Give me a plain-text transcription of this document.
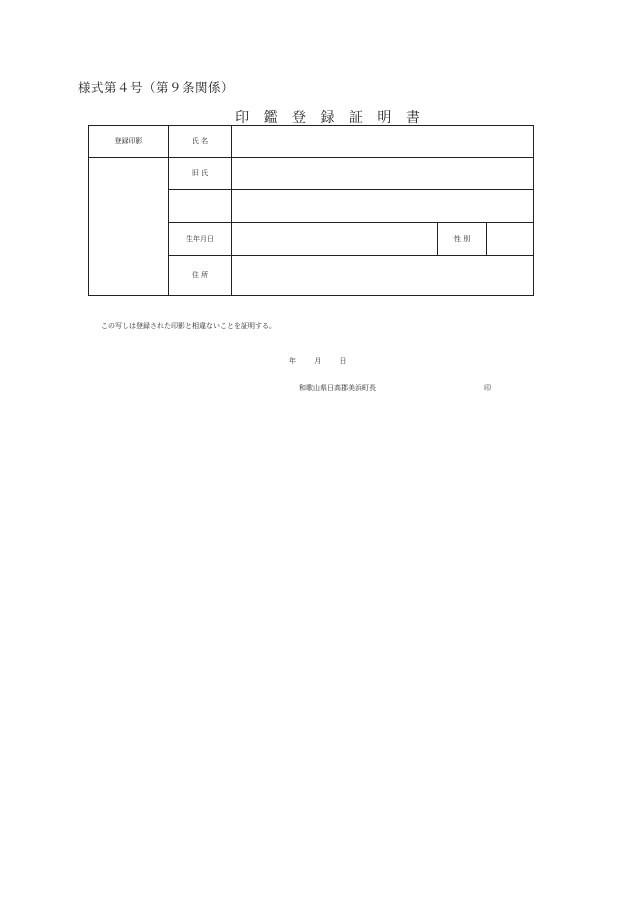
様式第４号（第９条関係）
印 鑑 登 録 証 明 書
登録印影	氏 名
旧 氏
生年月日	性 別
住 所
この写しは登録された印影と相違ないことを証明する。
年	月	日
和歌山県日高郡美浜町長	印
